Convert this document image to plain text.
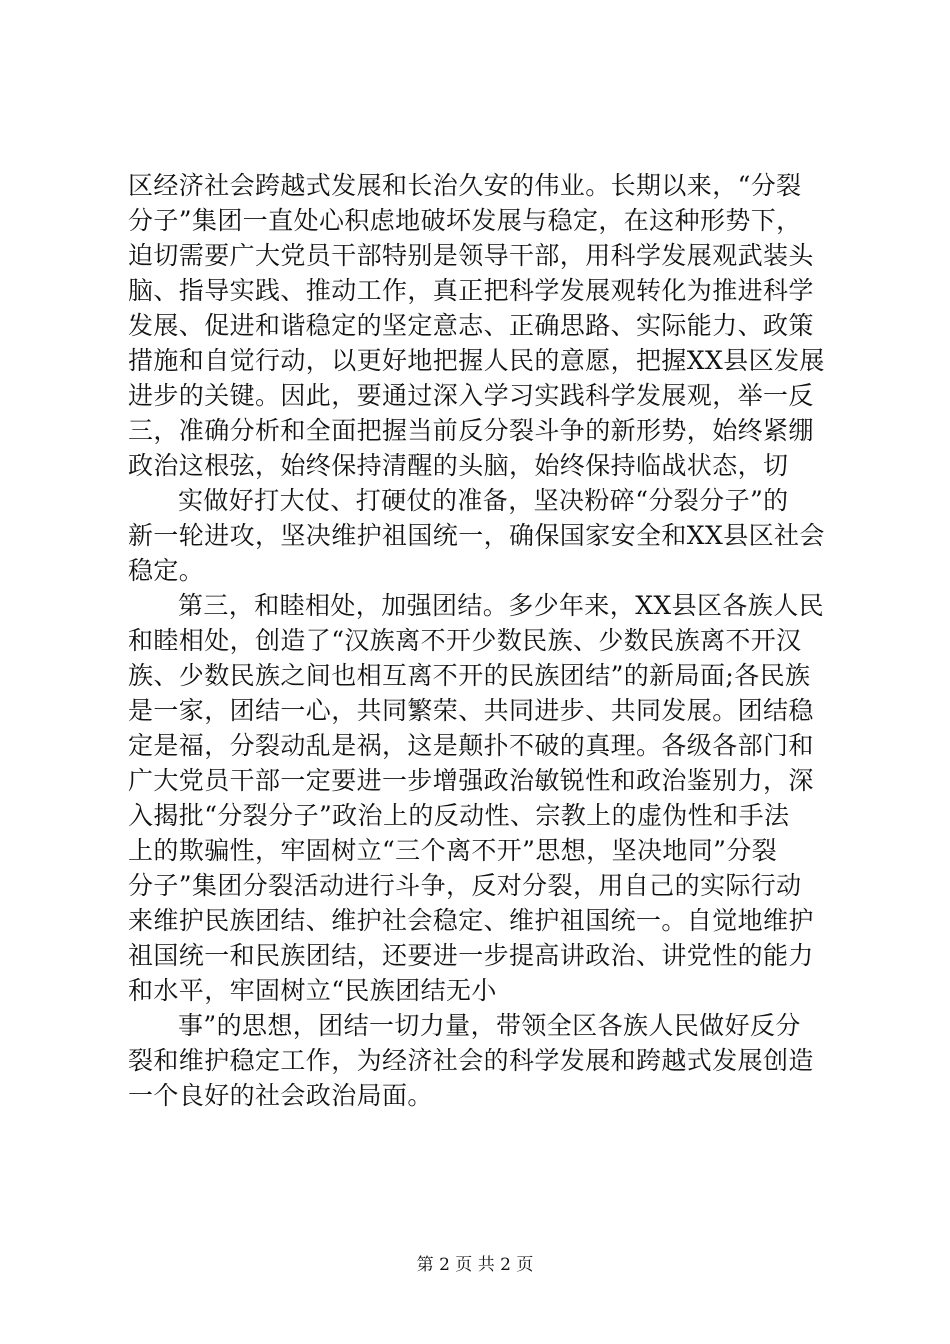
区经济社会跨越式发展和长治久安的伟业。长期以来，“分裂
分子”集团一直处心积虑地破坏发展与稳定，在这种形势下，
迫切需要广大党员干部特别是领导干部，用科学发展观武装头
脑、指导实践、推动工作，真正把科学发展观转化为推进科学
发展、促进和谐稳定的坚定意志、正确思路、实际能力、政策
措施和自觉行动，以更好地把握人民的意愿，把握XX县区发展
进步的关键。因此，要通过深入学习实践科学发展观，举一反
三，准确分析和全面把握当前反分裂斗争的新形势，始终紧绷
政治这根弦，始终保持清醒的头脑，始终保持临战状态，切

实做好打大仗、打硬仗的准备，坚决粉碎“分裂分子”的
新一轮进攻，坚决维护祖国统一，确保国家安全和XX县区社会
稳定。

第三，和睦相处，加强团结。多少年来，XX县区各族人民
和睦相处，创造了“汉族离不开少数民族、少数民族离不开汉
族、少数民族之间也相互离不开的民族团结”的新局面;各民族
是一家，团结一心，共同繁荣、共同进步、共同发展。团结稳
定是福，分裂动乱是祸，这是颠扑不破的真理。各级各部门和
广大党员干部一定要进一步增强政治敏锐性和政治鉴别力，深
入揭批“分裂分子”政治上的反动性、宗教上的虚伪性和手法
上的欺骗性，牢固树立“三个离不开”思想，坚决地同”分裂
分子”集团分裂活动进行斗争，反对分裂，用自己的实际行动
来维护民族团结、维护社会稳定、维护祖国统一。自觉地维护
祖国统一和民族团结，还要进一步提高讲政治、讲党性的能力
和水平，牢固树立“民族团结无小

事”的思想，团结一切力量，带领全区各族人民做好反分
裂和维护稳定工作，为经济社会的科学发展和跨越式发展创造
一个良好的社会政治局面。

第 2 页 共 2 页
